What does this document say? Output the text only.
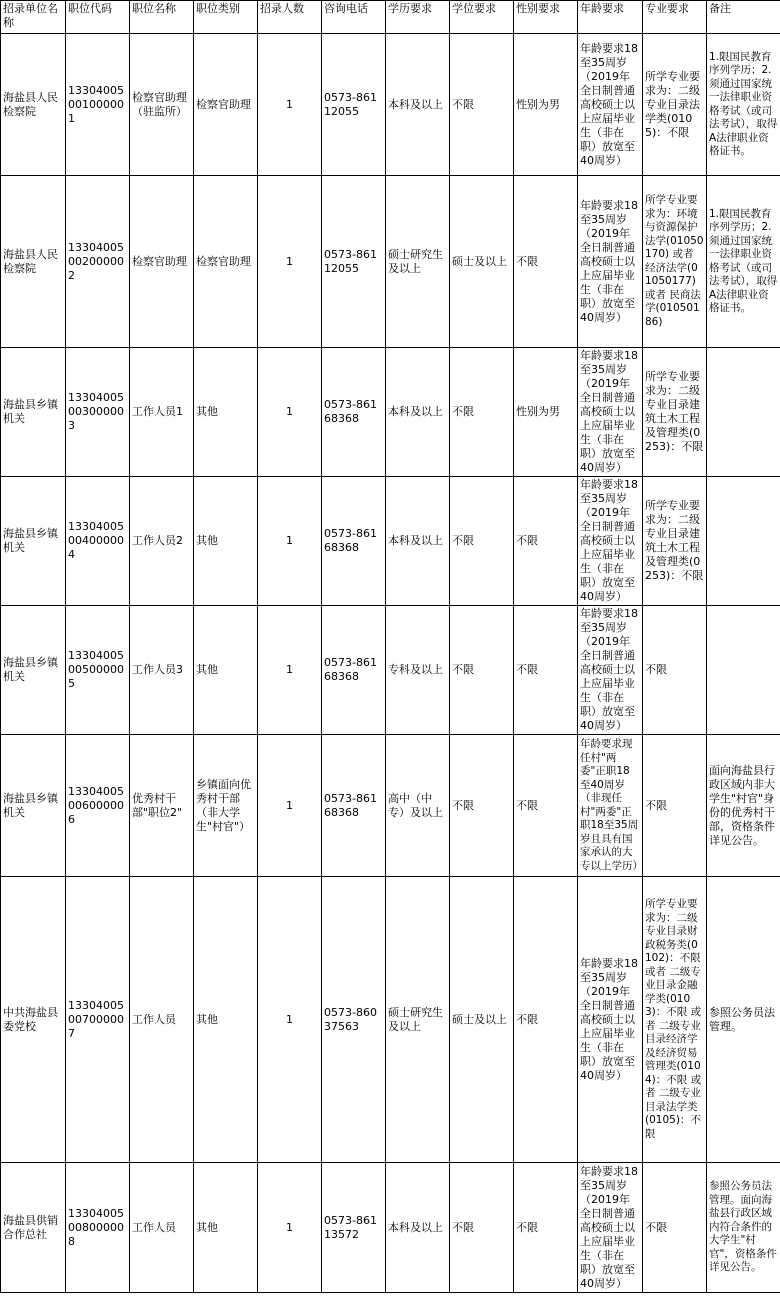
招录单位名称	职位代码	职位名称	职位类别	招录人数	咨询电话	学历要求	学位要求	性别要求	年龄要求	专业要求	备注
海盐县人民检察院	13304005001000001	检察官助理（驻监所）	检察官助理	1	0573-86112055	本科及以上	不限	性别为男	年龄要求18至35周岁（2019年全日制普通高校硕士以上应届毕业生（非在职）放宽至40周岁）	所学专业要求为：二级专业目录法学类(0105)：不限	1.限国民教育序列学历；2.须通过国家统一法律职业资格考试（或司法考试），取得A法律职业资格证书。
海盐县人民检察院	13304005002000002	检察官助理	检察官助理	1	0573-86112055	硕士研究生及以上	硕士及以上	不限	年龄要求18至35周岁（2019年全日制普通高校硕士以上应届毕业生（非在职）放宽至40周岁）	所学专业要求为：环境与资源保护法学(01050170) 或者 经济法学(01050177) 或者 民商法学(01050186)	1.限国民教育序列学历；2.须通过国家统一法律职业资格考试（或司法考试），取得A法律职业资格证书。
海盐县乡镇机关	13304005003000003	工作人员1	其他	1	0573-86168368	本科及以上	不限	性别为男	年龄要求18至35周岁（2019年全日制普通高校硕士以上应届毕业生（非在职）放宽至40周岁）	所学专业要求为：二级专业目录建筑土木工程及管理类(0253)：不限	
海盐县乡镇机关	13304005004000004	工作人员2	其他	1	0573-86168368	本科及以上	不限	不限	年龄要求18至35周岁（2019年全日制普通高校硕士以上应届毕业生（非在职）放宽至40周岁）	所学专业要求为：二级专业目录建筑土木工程及管理类(0253)：不限	
海盐县乡镇机关	13304005005000005	工作人员3	其他	1	0573-86168368	专科及以上	不限	不限	年龄要求18至35周岁（2019年全日制普通高校硕士以上应届毕业生（非在职）放宽至40周岁）	不限	
海盐县乡镇机关	13304005006000006	优秀村干部"职位2"	乡镇面向优秀村干部（非大学生"村官"）	1	0573-86168368	高中（中专）及以上	不限	不限	年龄要求现任村"两委"正职18至40周岁（非现任村"两委"正职18至35周岁且具有国家承认的大专以上学历）	不限	面向海盐县行政区域内非大学生"村官"身份的优秀村干部，资格条件详见公告。
中共海盐县委党校	13304005007000007	工作人员	其他	1	0573-86037563	硕士研究生及以上	硕士及以上	不限	年龄要求18至35周岁（2019年全日制普通高校硕士以上应届毕业生（非在职）放宽至40周岁）	所学专业要求为：二级专业目录财政税务类(0102)：不限 或者 二级专业目录金融学类(0103)：不限 或者 二级专业目录经济学及经济贸易管理类(0104)：不限 或者 二级专业目录法学类(0105)：不限	参照公务员法管理。
海盐县供销合作总社	13304005008000008	工作人员	其他	1	0573-86113572	本科及以上	不限	不限	年龄要求18至35周岁（2019年全日制普通高校硕士以上应届毕业生（非在职）放宽至40周岁）	不限	参照公务员法管理。面向海盐县行政区域内符合条件的大学生"村官"，资格条件详见公告。
